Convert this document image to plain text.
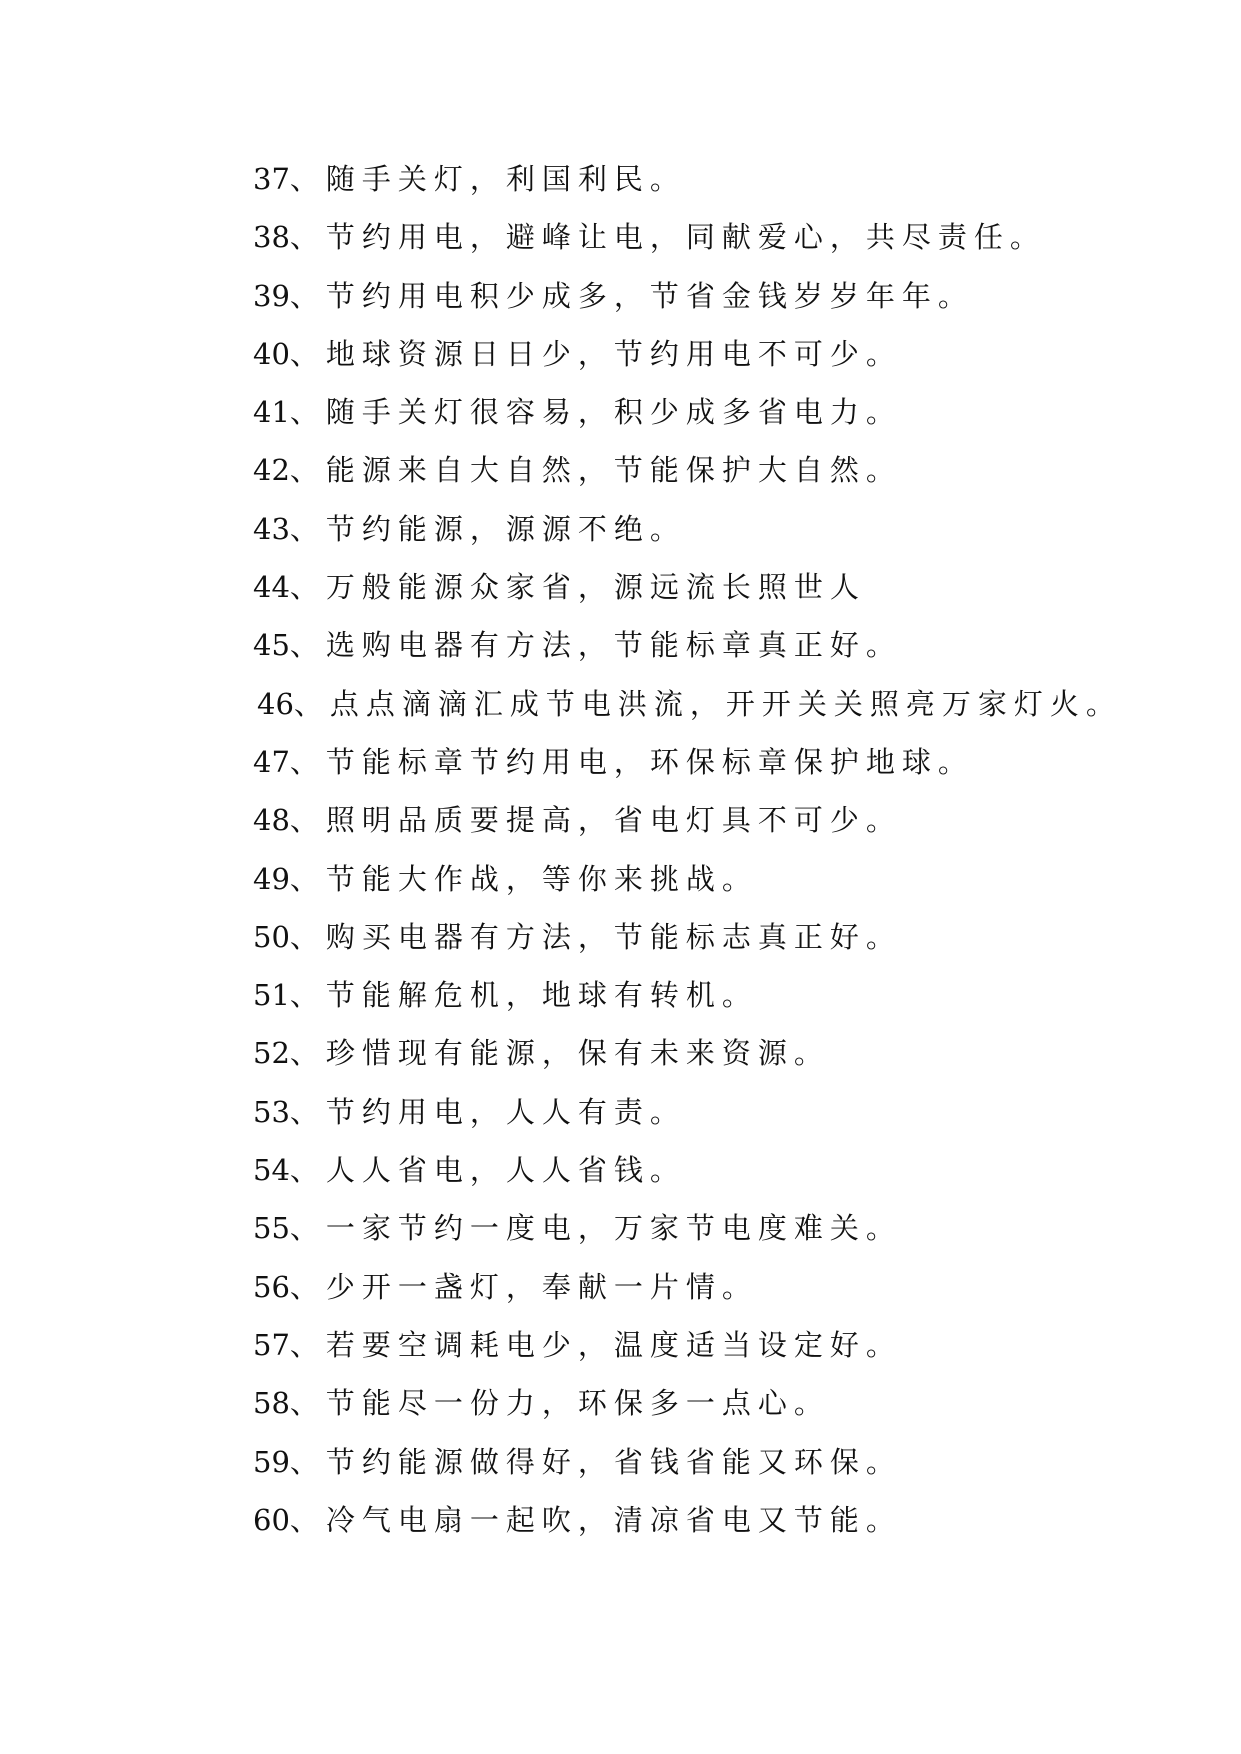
37、随手关灯，利国利民。
38、节约用电，避峰让电，同献爱心，共尽责任。
39、节约用电积少成多，节省金钱岁岁年年。
40、地球资源日日少，节约用电不可少。
41、随手关灯很容易，积少成多省电力。
42、能源来自大自然，节能保护大自然。
43、节约能源，源源不绝。
44、万般能源众家省，源远流长照世人
45、选购电器有方法，节能标章真正好。
46、点点滴滴汇成节电洪流，开开关关照亮万家灯火。
47、节能标章节约用电，环保标章保护地球。
48、照明品质要提高，省电灯具不可少。
49、节能大作战，等你来挑战。
50、购买电器有方法，节能标志真正好。
51、节能解危机，地球有转机。
52、珍惜现有能源，保有未来资源。
53、节约用电，人人有责。
54、人人省电，人人省钱。
55、一家节约一度电，万家节电度难关。
56、少开一盏灯，奉献一片情。
57、若要空调耗电少，温度适当设定好。
58、节能尽一份力，环保多一点心。
59、节约能源做得好，省钱省能又环保。
60、冷气电扇一起吹，清凉省电又节能。
